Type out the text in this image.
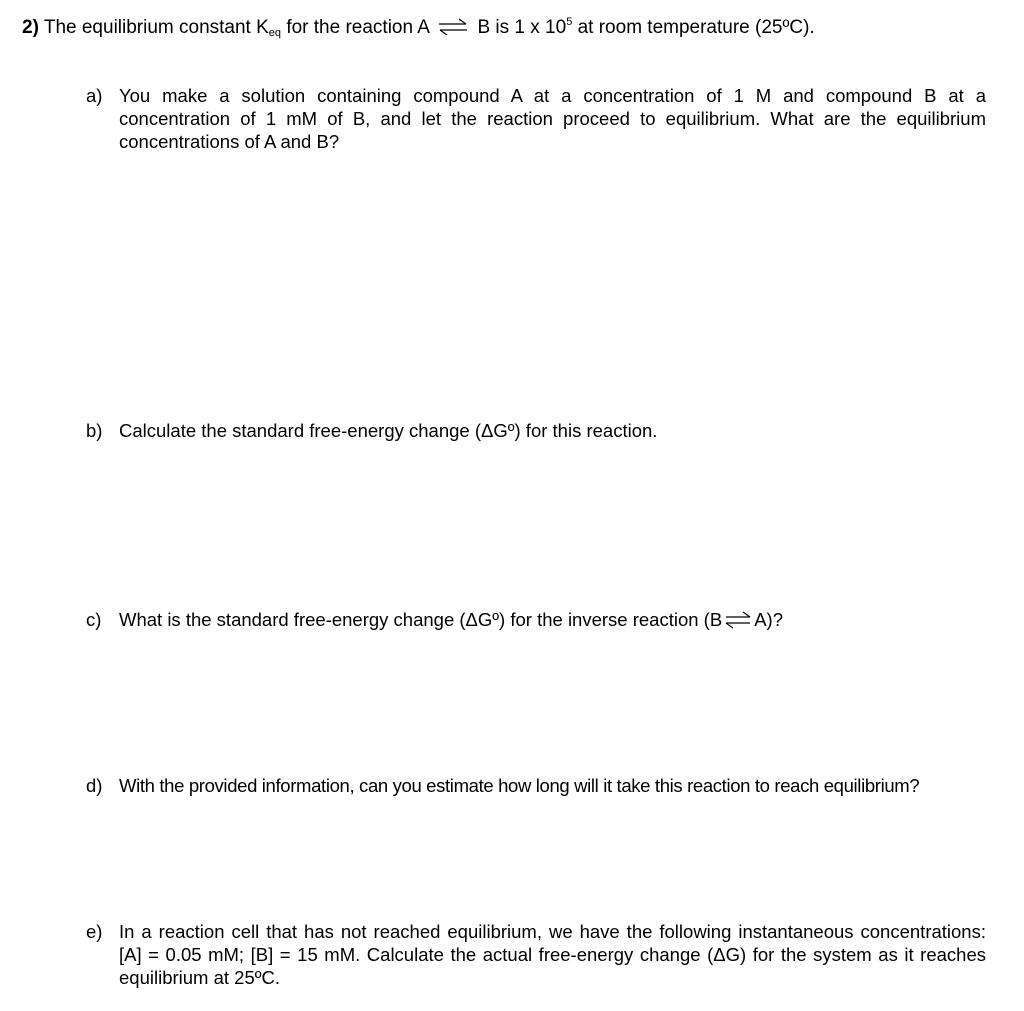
2) The equilibrium constant $K_{eq}$ for the reaction A ⇌ B is 1 x $10^5$ at room temperature (25ºC).
a) You make a solution containing compound A at a concentration of 1 M and compound B at a concentration of 1 mM of B, and let the reaction proceed to equilibrium. What are the equilibrium concentrations of A and B?
b) Calculate the standard free-energy change (ΔGº) for this reaction.
c) What is the standard free-energy change (ΔGº) for the inverse reaction (B⇌A)?
d) With the provided information, can you estimate how long will it take this reaction to reach equilibrium?
e) In a reaction cell that has not reached equilibrium, we have the following instantaneous concentrations: [A] = 0.05 mM; [B] = 15 mM. Calculate the actual free-energy change (ΔG) for the system as it reaches equilibrium at 25ºC.
